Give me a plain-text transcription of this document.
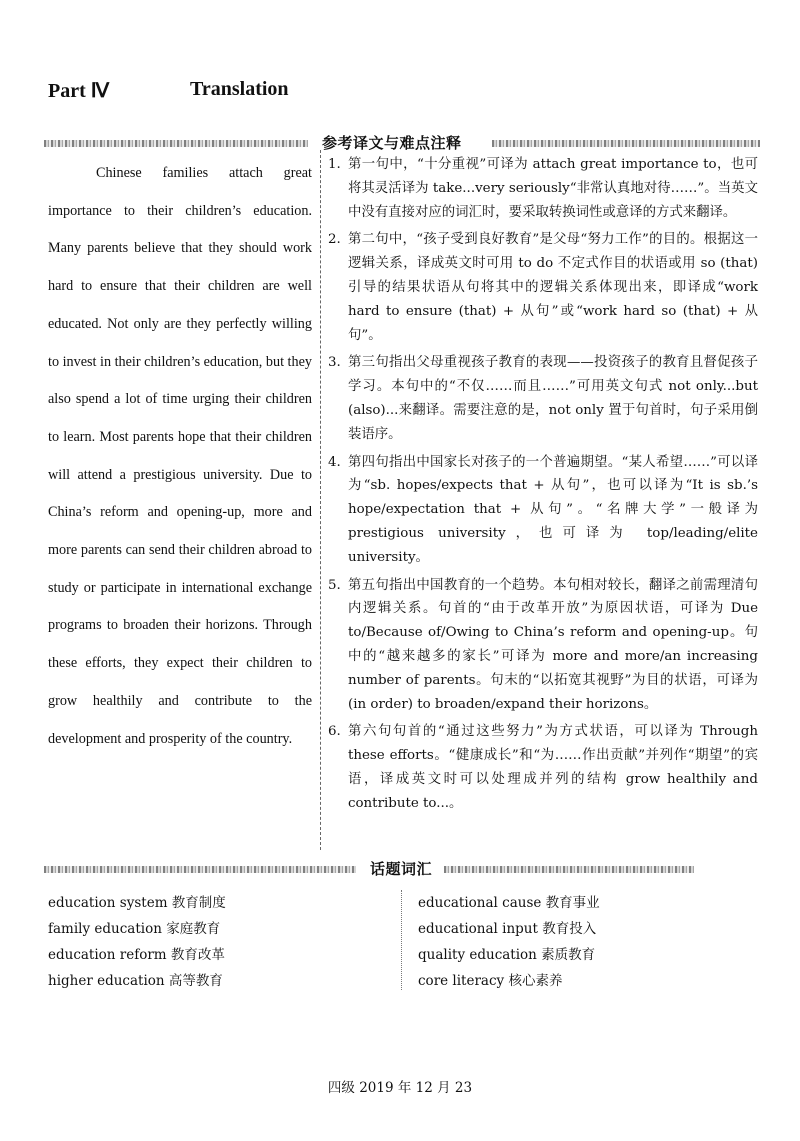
Part Ⅳ	Translation
参考译文与难点注释

Chinese families attach great importance to their children’s education. Many parents believe that they should work hard to ensure that their children are well educated. Not only are they perfectly willing to invest in their children’s education, but they also spend a lot of time urging their children to learn. Most parents hope that their children will attend a prestigious university. Due to China’s reform and opening-up, more and more parents can send their children abroad to study or participate in international exchange programs to broaden their horizons. Through these efforts, they expect their children to grow healthily and contribute to the development and prosperity of the country.

1. 第一句中，“十分重视”可译为 attach great importance to，也可将其灵活译为 take...very seriously“非常认真地对待……”。当英文中没有直接对应的词汇时，要采取转换词性或意译的方式来翻译。
2. 第二句中，“孩子受到良好教育”是父母“努力工作”的目的。根据这一逻辑关系，译成英文时可用 to do 不定式作目的状语或用 so (that)引导的结果状语从句将其中的逻辑关系体现出来，即译成“work hard to ensure (that) + 从句”或“work hard so (that) + 从句”。
3. 第三句指出父母重视孩子教育的表现——投资孩子的教育且督促孩子学习。本句中的“不仅……而且……”可用英文句式 not only...but (also)...来翻译。需要注意的是，not only 置于句首时，句子采用倒装语序。
4. 第四句指出中国家长对孩子的一个普遍期望。“某人希望……”可以译为“sb. hopes/expects that + 从句”，也可以译为“It is sb.’s hope/expectation that + 从句”。“名牌大学”一般译为 prestigious university，也可译为 top/leading/elite university。
5. 第五句指出中国教育的一个趋势。本句相对较长，翻译之前需理清句内逻辑关系。句首的“由于改革开放”为原因状语，可译为 Due to/Because of/Owing to China’s reform and opening-up。句中的“越来越多的家长”可译为 more and more/an increasing number of parents。句末的“以拓宽其视野”为目的状语，可译为 (in order) to broaden/expand their horizons。
6. 第六句句首的“通过这些努力”为方式状语，可以译为 Through these efforts。“健康成长”和“为……作出贡献”并列作“期望”的宾语，译成英文时可以处理成并列的结构 grow healthily and contribute to...。
话题词汇
education system 教育制度
family education 家庭教育
education reform 教育改革
higher education 高等教育
educational cause 教育事业
educational input 教育投入
quality education 素质教育
core literacy 核心素养
四级 2019 年 12 月 23
